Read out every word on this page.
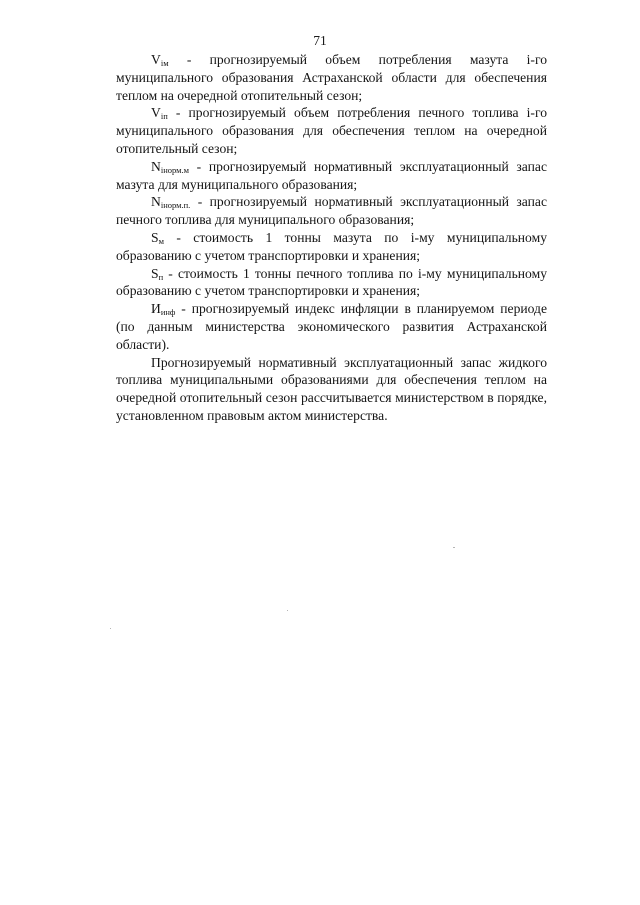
71

$V_{iм}$ - прогнозируемый объем потребления мазута i-го муниципального образования Астраханской области для обеспечения теплом на очередной отопительный сезон;

$V_{iп}$ - прогнозируемый объем потребления печного топлива i-го муниципального образования для обеспечения теплом на очередной отопительный сезон;

$N_{iнорм.м}$ - прогнозируемый нормативный эксплуатационный запас мазута для муниципального образования;

$N_{iнорм.п.}$ - прогнозируемый нормативный эксплуатационный запас печного топлива для муниципального образования;

$S_м$ - стоимость 1 тонны мазута по i-му муниципальному образованию с учетом транспортировки и хранения;

$S_п$ - стоимость 1 тонны печного топлива по i-му муниципальному образованию с учетом транспортировки и хранения;

$И_{инф}$ - прогнозируемый индекс инфляции в планируемом периоде (по данным министерства экономического развития Астраханской области).

Прогнозируемый нормативный эксплуатационный запас жидкого топлива муниципальными образованиями для обеспечения теплом на очередной отопительный сезон рассчитывается министерством в порядке, установленном правовым актом министерства.
